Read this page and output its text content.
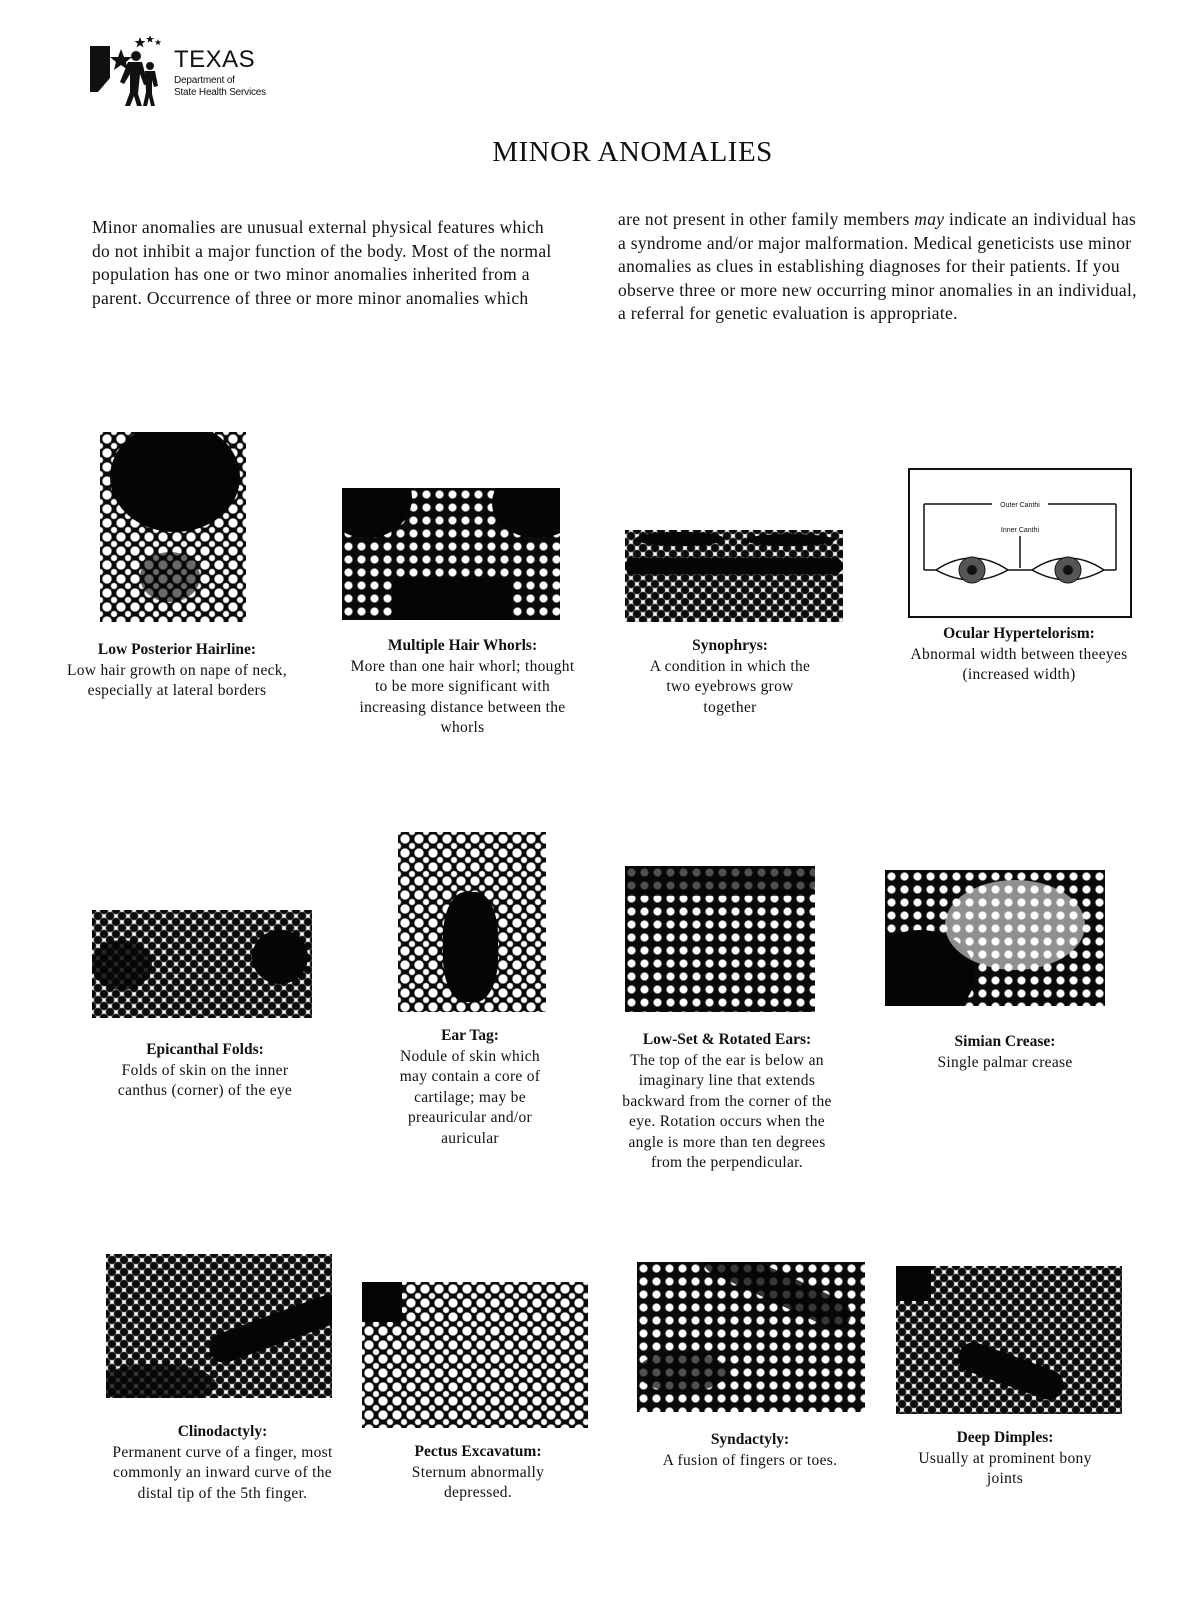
TEXAS
Department of
State Health Services
MINOR ANOMALIES

Minor anomalies are unusual external physical features which do not inhibit a major function of the body. Most of the normal population has one or two minor anomalies inherited from a parent. Occurrence of three or more minor anomalies which

are not present in other family members may indicate an individual has a syndrome and/or major malformation. Medical geneticists use minor anomalies as clues in establishing diagnoses for their patients. If you observe three or more new occurring minor anomalies in an individual, a referral for genetic evaluation is appropriate.

Outer Canthi
Inner Canthi
Low Posterior Hairline:
Low hair growth on nape of neck, especially at lateral borders
Multiple Hair Whorls:
More than one hair whorl; thought to be more significant with increasing distance between the whorls
Synophrys:
A condition in which the two eyebrows grow together
Ocular Hypertelorism:
Abnormal width between theeyes (increased width)
Epicanthal Folds:
Folds of skin on the inner canthus (corner) of the eye
Ear Tag:
Nodule of skin which may contain a core of cartilage; may be preauricular and/or auricular
Low-Set & Rotated Ears:
The top of the ear is below an imaginary line that extends backward from the corner of the eye. Rotation occurs when the angle is more than ten degrees from the perpendicular.
Simian Crease:
Single palmar crease
Clinodactyly:
Permanent curve of a finger, most commonly an inward curve of the distal tip of the 5th finger.
Pectus Excavatum:
Sternum abnormally depressed.
Syndactyly:
A fusion of fingers or toes.
Deep Dimples:
Usually at prominent bony joints
